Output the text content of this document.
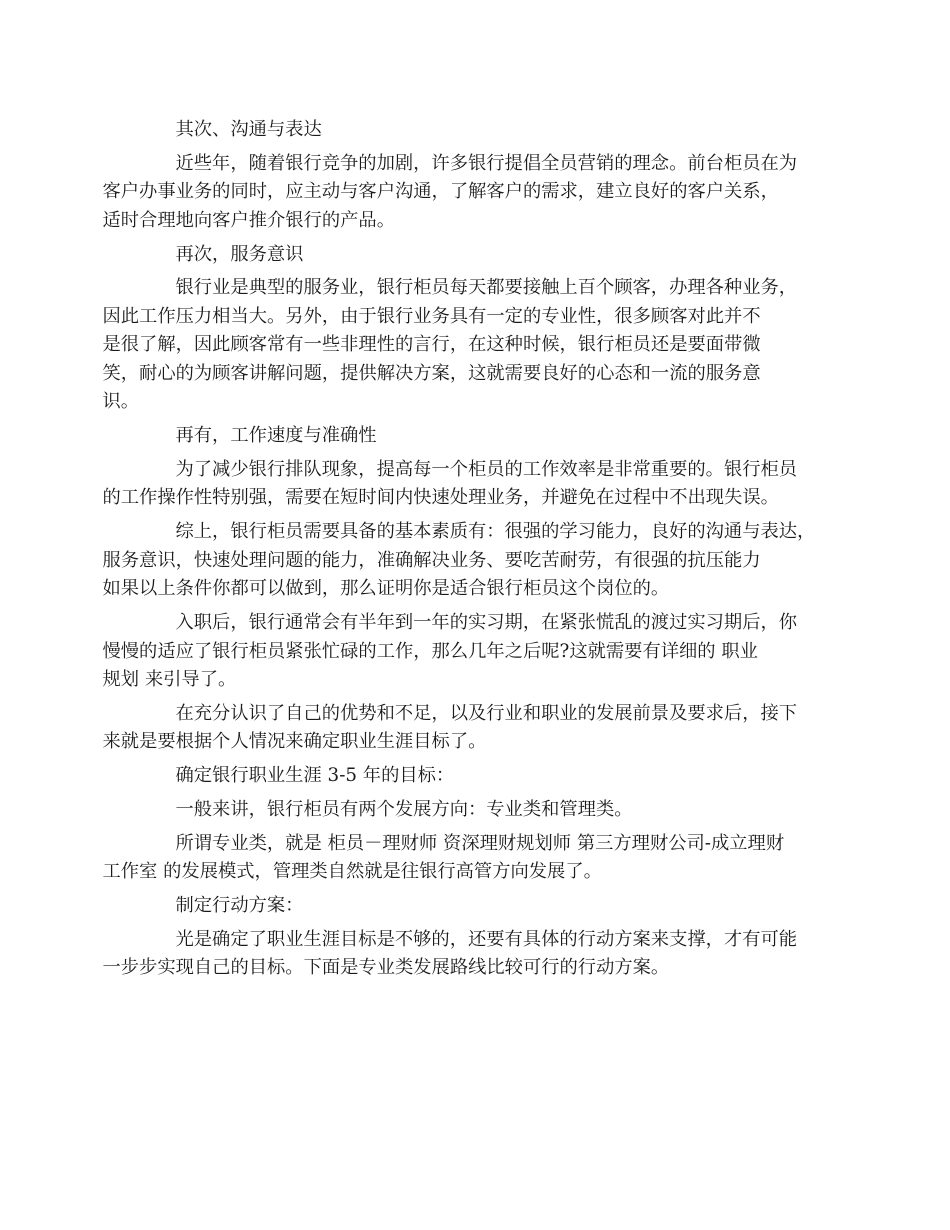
其次、沟通与表达

近些年，随着银行竞争的加剧，许多银行提倡全员营销的理念。前台柜员在为
客户办事业务的同时，应主动与客户沟通，了解客户的需求，建立良好的客户关系，
适时合理地向客户推介银行的产品。

再次，服务意识

银行业是典型的服务业，银行柜员每天都要接触上百个顾客，办理各种业务，
因此工作压力相当大。另外，由于银行业务具有一定的专业性，很多顾客对此并不
是很了解，因此顾客常有一些非理性的言行，在这种时候，银行柜员还是要面带微
笑，耐心的为顾客讲解问题，提供解决方案，这就需要良好的心态和一流的服务意
识。

再有，工作速度与准确性

为了减少银行排队现象，提高每一个柜员的工作效率是非常重要的。银行柜员
的工作操作性特别强，需要在短时间内快速处理业务，并避免在过程中不出现失误。

综上，银行柜员需要具备的基本素质有：很强的学习能力，良好的沟通与表达，
服务意识，快速处理问题的能力，准确解决业务、要吃苦耐劳，有很强的抗压能力
如果以上条件你都可以做到，那么证明你是适合银行柜员这个岗位的。

入职后，银行通常会有半年到一年的实习期，在紧张慌乱的渡过实习期后，你
慢慢的适应了银行柜员紧张忙碌的工作，那么几年之后呢?这就需要有详细的 职业
规划 来引导了。

在充分认识了自己的优势和不足，以及行业和职业的发展前景及要求后，接下
来就是要根据个人情况来确定职业生涯目标了。

确定银行职业生涯 3-5 年的目标：

一般来讲，银行柜员有两个发展方向：专业类和管理类。

所谓专业类，就是 柜员－理财师 资深理财规划师 第三方理财公司-成立理财
工作室 的发展模式，管理类自然就是往银行高管方向发展了。

制定行动方案：

光是确定了职业生涯目标是不够的，还要有具体的行动方案来支撑，才有可能
一步步实现自己的目标。下面是专业类发展路线比较可行的行动方案。
